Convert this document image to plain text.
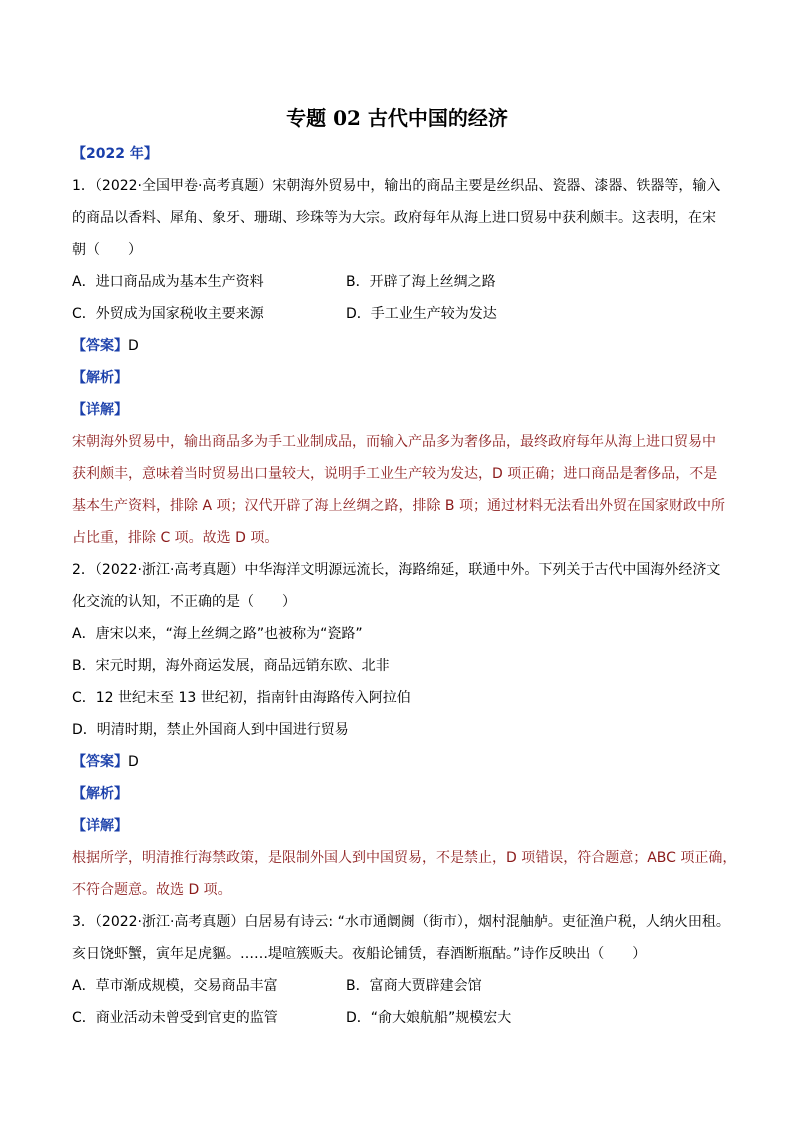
专题 02 古代中国的经济
【2022 年】
1．（2022·全国甲卷·高考真题）宋朝海外贸易中，输出的商品主要是丝织品、瓷器、漆器、铁器等，输入
的商品以香料、犀角、象牙、珊瑚、珍珠等为大宗。政府每年从海上进口贸易中获利颇丰。这表明，在宋
朝（　　）
A．进口商品成为基本生产资料	B．开辟了海上丝绸之路
C．外贸成为国家税收主要来源	D．手工业生产较为发达
【答案】D
【解析】
【详解】
宋朝海外贸易中，输出商品多为手工业制成品，而输入产品多为奢侈品，最终政府每年从海上进口贸易中
获利颇丰，意味着当时贸易出口量较大，说明手工业生产较为发达，D 项正确；进口商品是奢侈品，不是
基本生产资料，排除 A 项；汉代开辟了海上丝绸之路，排除 B 项；通过材料无法看出外贸在国家财政中所
占比重，排除 C 项。故选 D 项。
2．（2022·浙江·高考真题）中华海洋文明源远流长，海路绵延，联通中外。下列关于古代中国海外经济文
化交流的认知，不正确的是（　　）
A．唐宋以来，“海上丝绸之路”也被称为“瓷路”
B．宋元时期，海外商运发展，商品远销东欧、北非
C．12 世纪末至 13 世纪初，指南针由海路传入阿拉伯
D．明清时期，禁止外国商人到中国进行贸易
【答案】D
【解析】
【详解】
根据所学，明清推行海禁政策，是限制外国人到中国贸易，不是禁止，D 项错误，符合题意；ABC 项正确，
不符合题意。故选 D 项。
3．（2022·浙江·高考真题）白居易有诗云: “水市通阛阓（街市），烟村混舳舻。吏征渔户税，人纳火田租。
亥日饶虾蟹，寅年足虎貙。……堤喧簇贩夫。夜船论铺赁，春酒断瓶酤。”诗作反映出（　　）
A．草市渐成规模，交易商品丰富	B．富商大贾辟建会馆
C．商业活动未曾受到官吏的监管	D．“俞大娘航船”规模宏大
